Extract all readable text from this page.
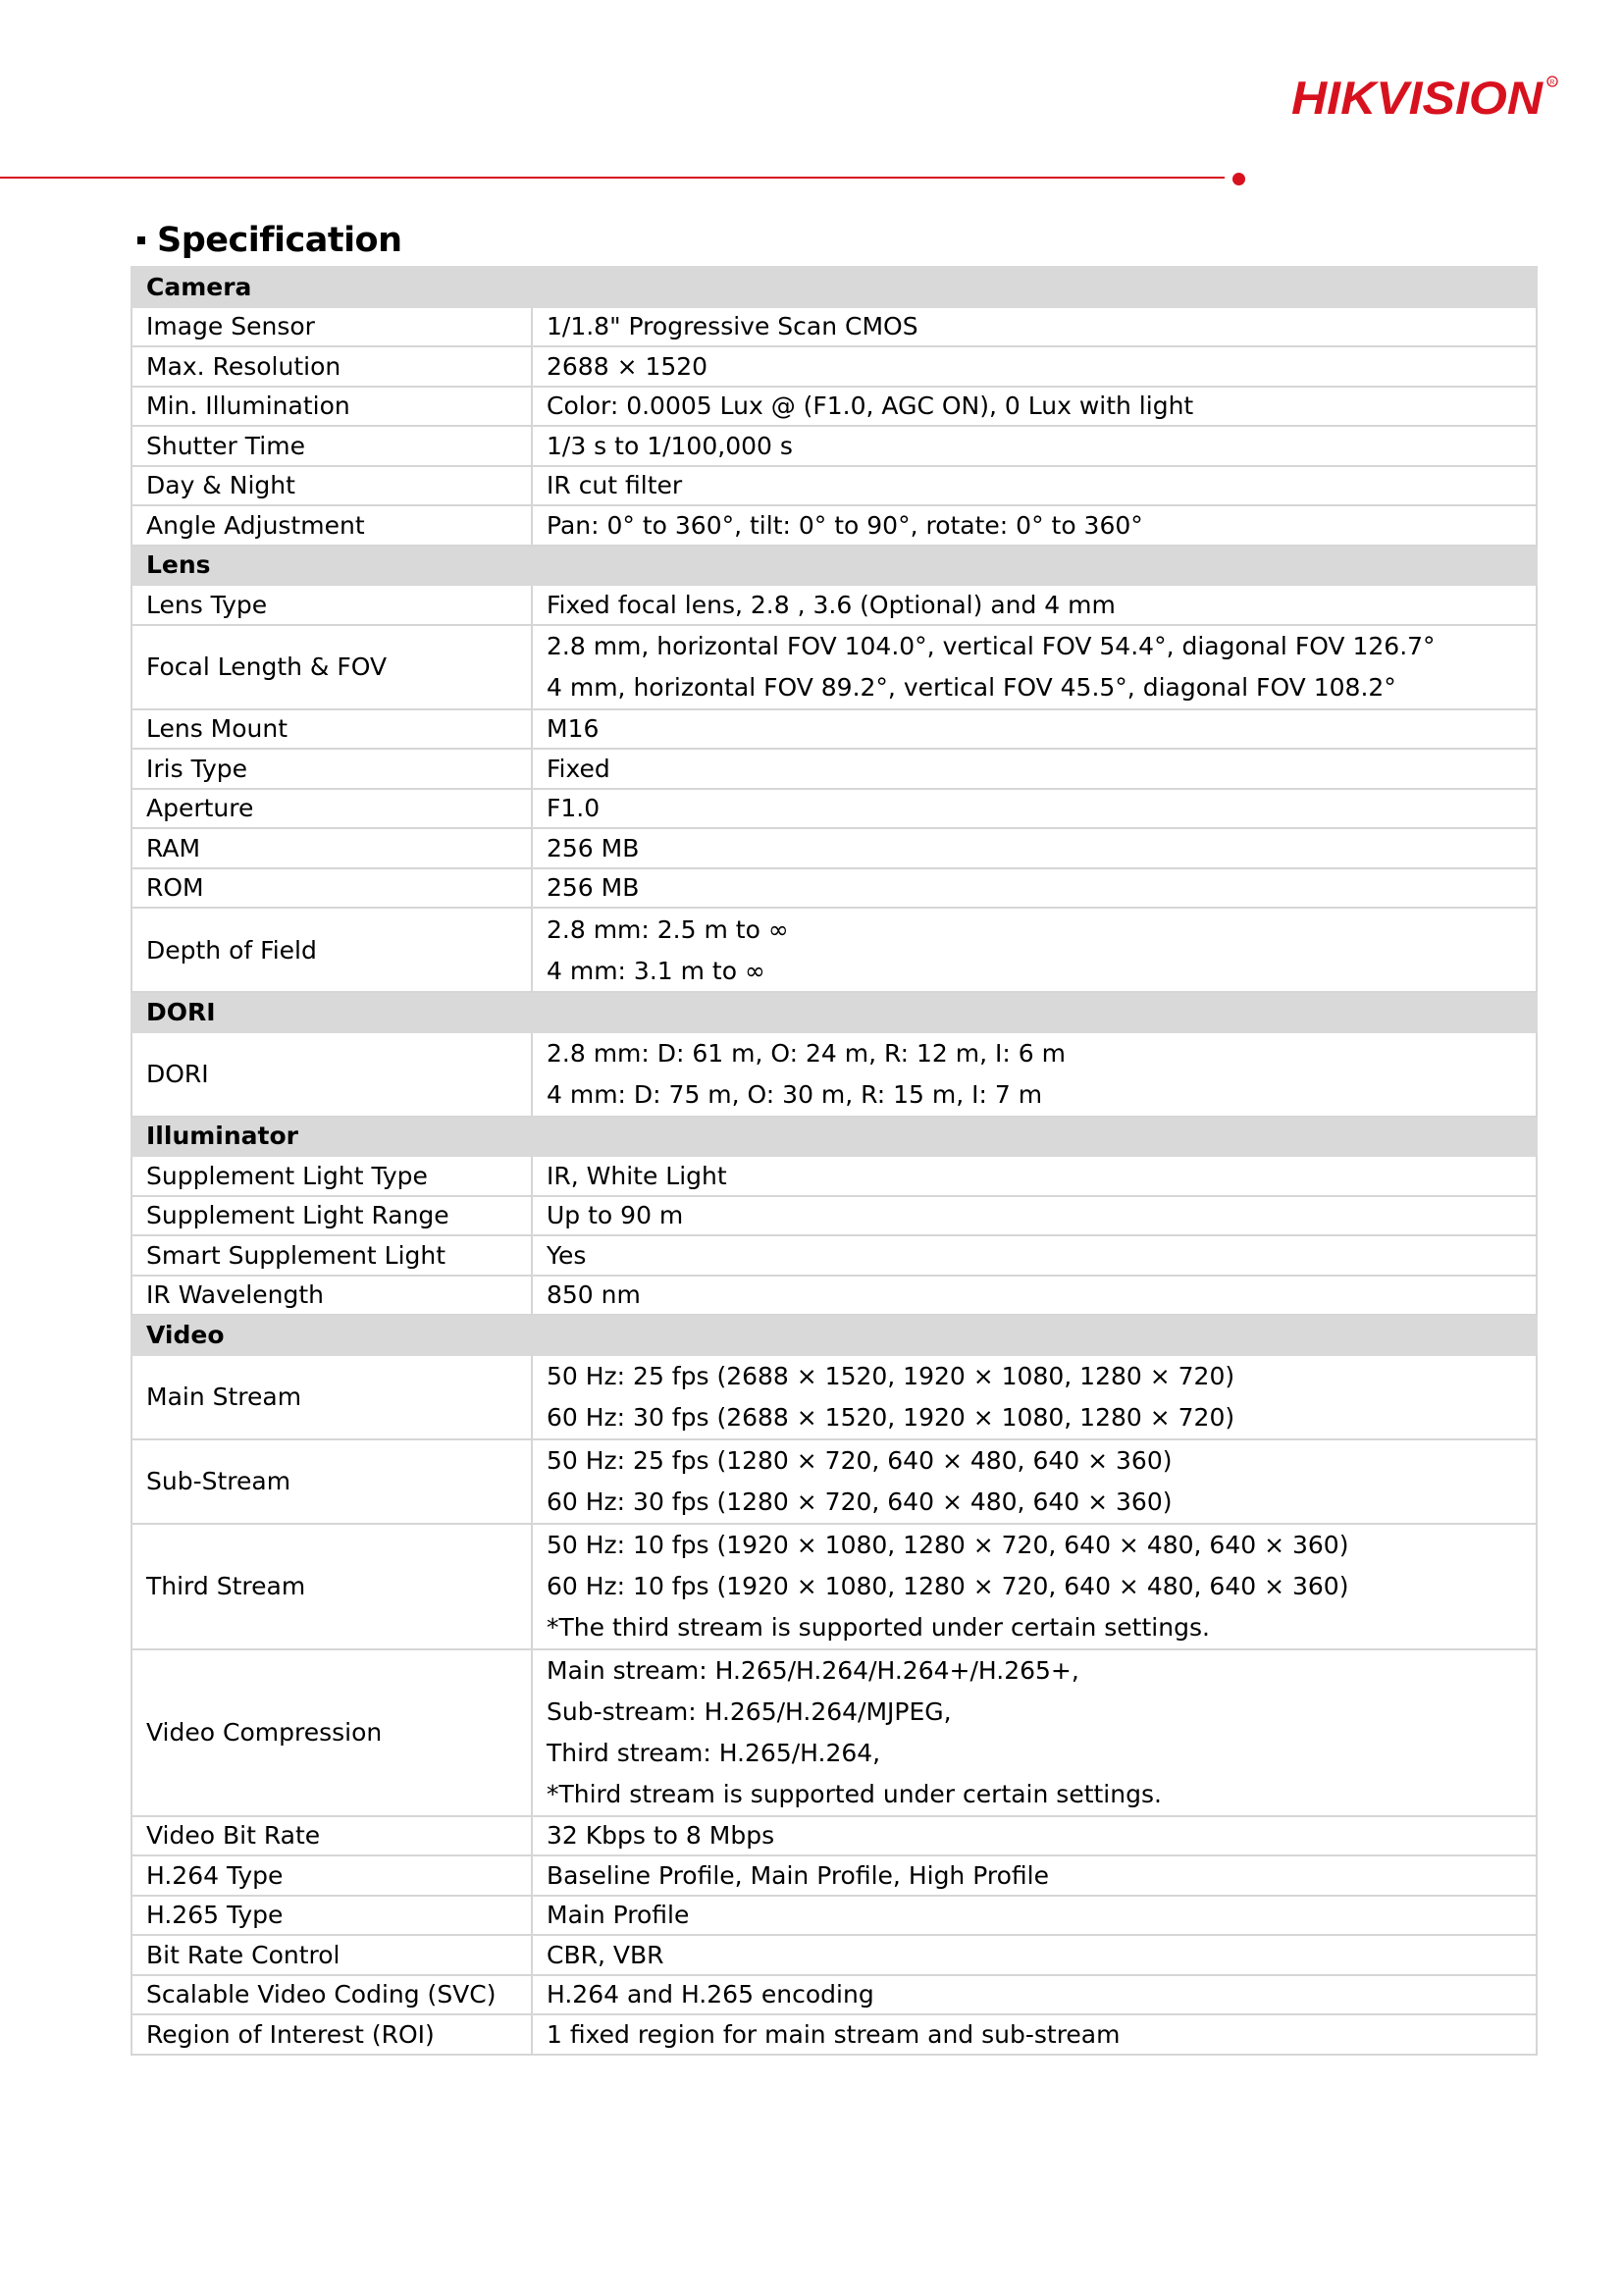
HIKVISION R
Specification
Camera	
Image Sensor	1/1.8" Progressive Scan CMOS
Max. Resolution	2688 × 1520
Min. Illumination	Color: 0.0005 Lux @ (F1.0, AGC ON), 0 Lux with light
Shutter Time	1/3 s to 1/100,000 s
Day & Night	IR cut filter
Angle Adjustment	Pan: 0° to 360°, tilt: 0° to 90°, rotate: 0° to 360°
Lens	
Lens Type	Fixed focal lens, 2.8 , 3.6 (Optional) and 4 mm
Focal Length & FOV	2.8 mm, horizontal FOV 104.0°, vertical FOV 54.4°, diagonal FOV 126.7°
4 mm, horizontal FOV 89.2°, vertical FOV 45.5°, diagonal FOV 108.2°

Lens Mount	M16
Iris Type	Fixed
Aperture	F1.0
RAM	256 MB
ROM	256 MB
Depth of Field	2.8 mm: 2.5 m to ∞
4 mm: 3.1 m to ∞

DORI	
DORI	2.8 mm: D: 61 m, O: 24 m, R: 12 m, I: 6 m
4 mm: D: 75 m, O: 30 m, R: 15 m, I: 7 m

Illuminator	
Supplement Light Type	IR, White Light
Supplement Light Range	Up to 90 m
Smart Supplement Light	Yes
IR Wavelength	850 nm
Video	
Main Stream	50 Hz: 25 fps (2688 × 1520, 1920 × 1080, 1280 × 720)
60 Hz: 30 fps (2688 × 1520, 1920 × 1080, 1280 × 720)

Sub-Stream	50 Hz: 25 fps (1280 × 720, 640 × 480, 640 × 360)
60 Hz: 30 fps (1280 × 720, 640 × 480, 640 × 360)

Third Stream	50 Hz: 10 fps (1920 × 1080, 1280 × 720, 640 × 480, 640 × 360)
60 Hz: 10 fps (1920 × 1080, 1280 × 720, 640 × 480, 640 × 360)
*The third stream is supported under certain settings.

Video Compression	Main stream: H.265/H.264/H.264+/H.265+,
Sub-stream: H.265/H.264/MJPEG,
Third stream: H.265/H.264,
*Third stream is supported under certain settings.

Video Bit Rate	32 Kbps to 8 Mbps
H.264 Type	Baseline Profile, Main Profile, High Profile
H.265 Type	Main Profile
Bit Rate Control	CBR, VBR
Scalable Video Coding (SVC)	H.264 and H.265 encoding
Region of Interest (ROI)	1 fixed region for main stream and sub-stream
